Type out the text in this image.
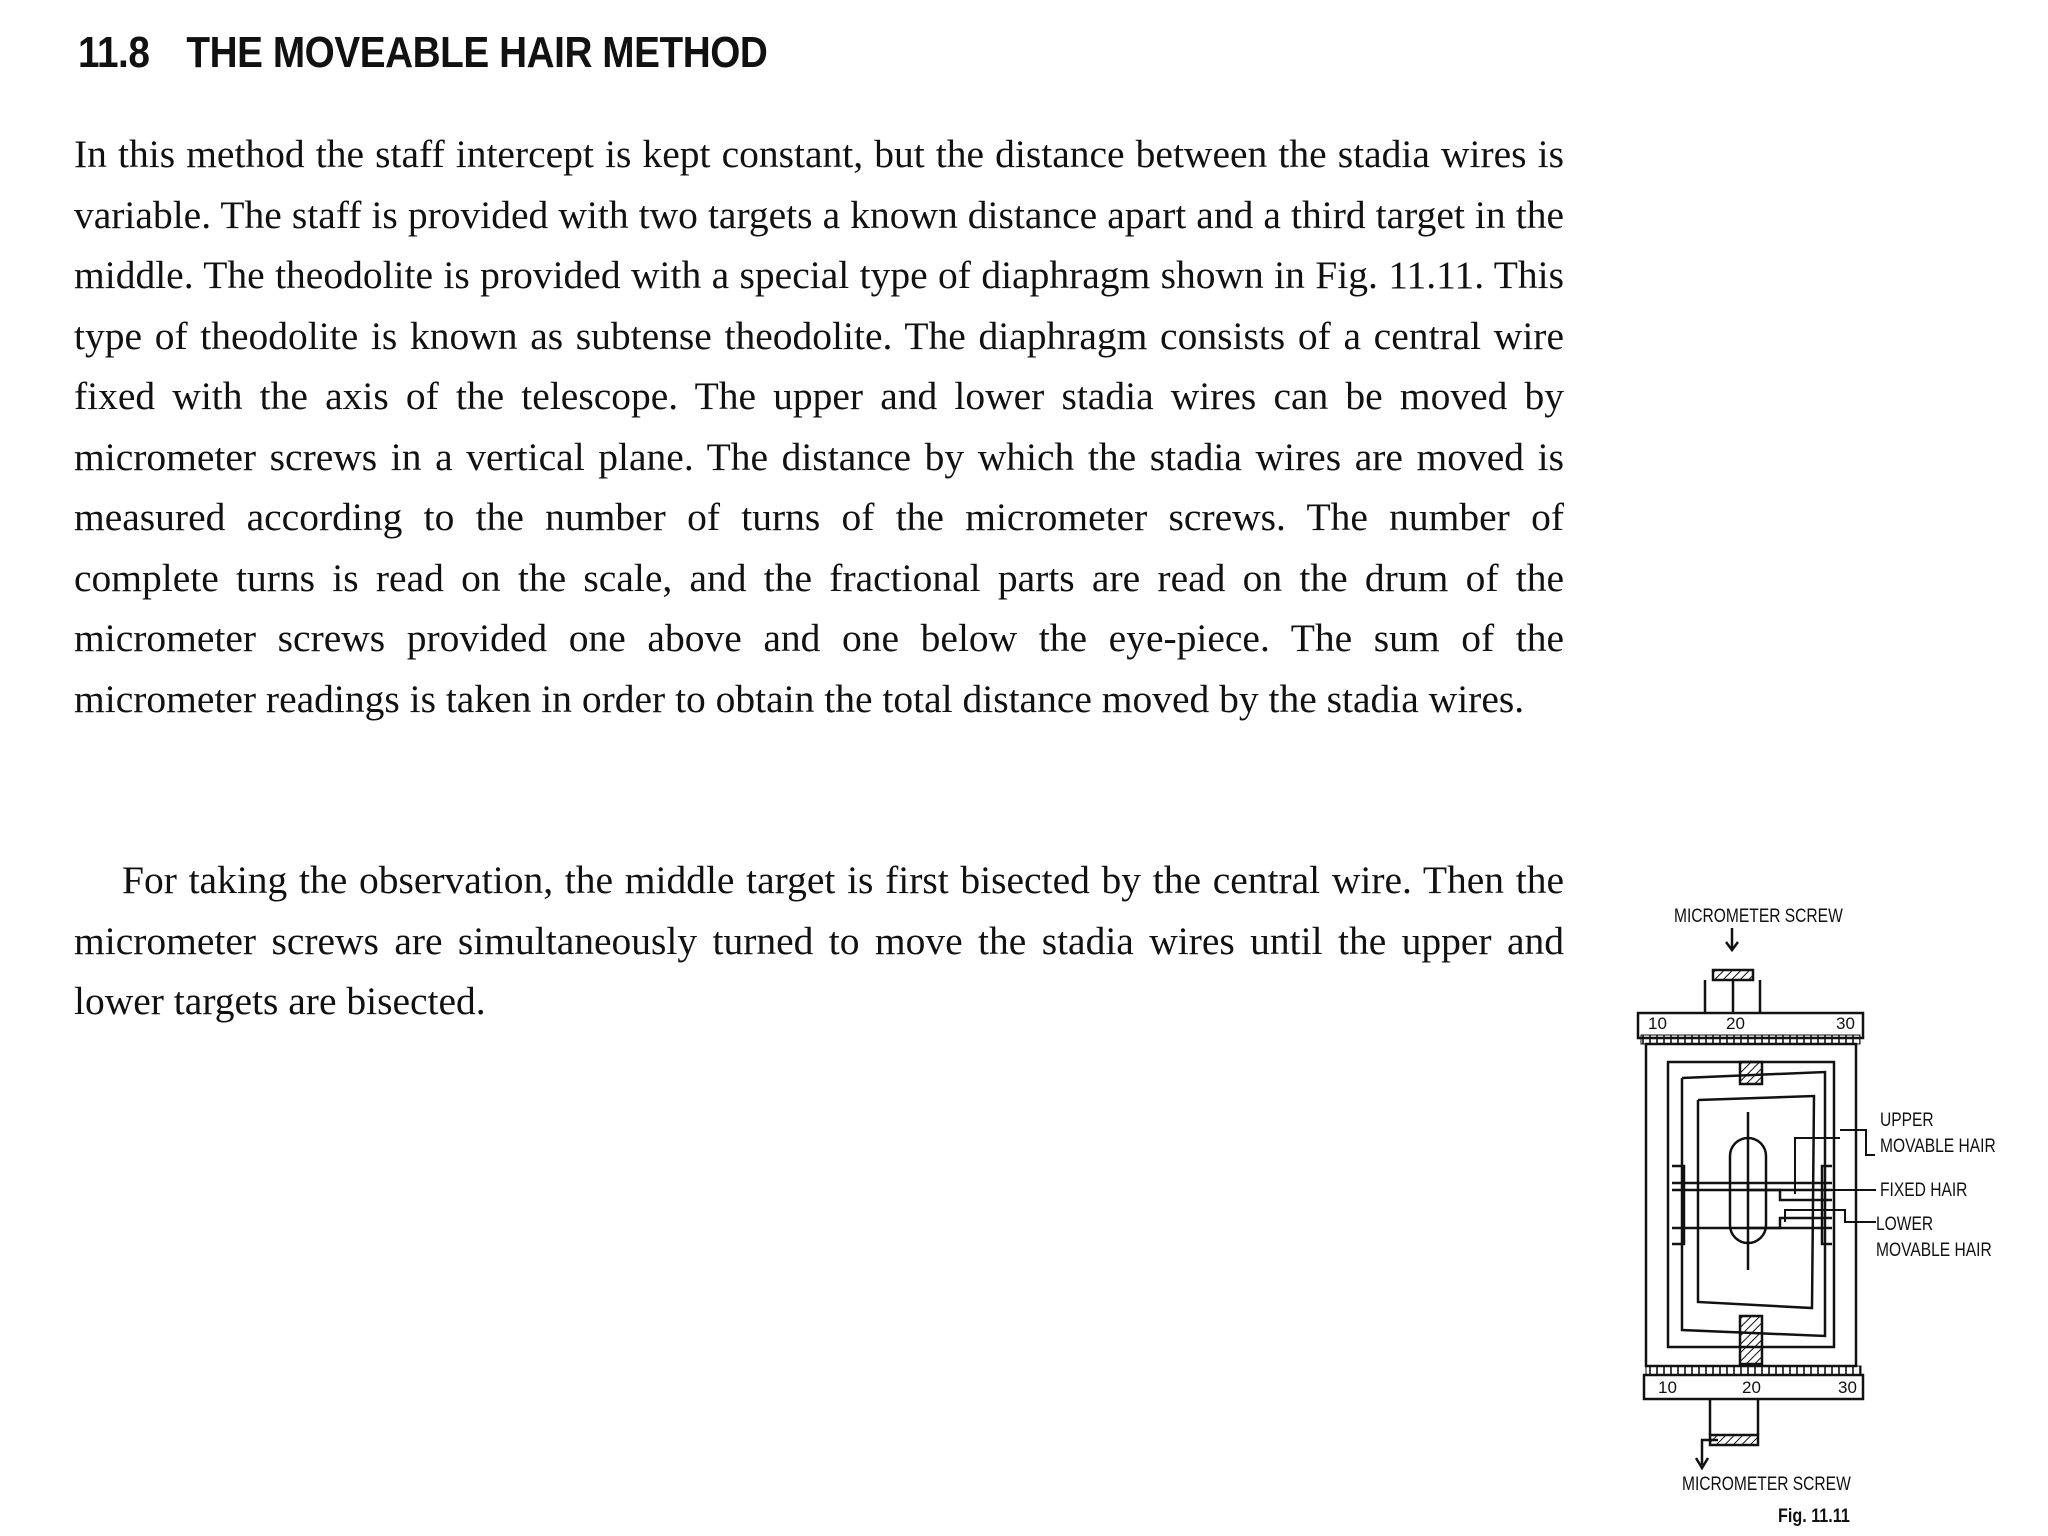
11.8 THE MOVEABLE HAIR METHOD

In this method the staff intercept is kept constant, but the distance between the stadia wires is variable. The staff is provided with two targets a known distance apart and a third target in the middle. The theodolite is provided with a special type of diaphragm shown in Fig. 11.11. This type of theodolite is known as subtense theodolite. The diaphragm consists of a central wire fixed with the axis of the telescope. The upper and lower stadia wires can be moved by micrometer screws in a vertical plane. The distance by which the stadia wires are moved is measured according to the number of turns of the micrometer screws. The number of complete turns is read on the scale, and the fractional parts are read on the drum of the micrometer screws provided one above and one below the eye-piece. The sum of the micrometer readings is taken in order to obtain the total distance moved by the stadia wires.

For taking the observation, the middle target is first bisected by the central wire. Then the micrometer screws are simultaneously turned to move the stadia wires until the upper and lower targets are bisected.

MICROMETER SCREW
10	20	30
UPPER
MOVABLE HAIR
FIXED HAIR
LOWER
MOVABLE HAIR
10	20	30
MICROMETER SCREW
Fig. 11.11
